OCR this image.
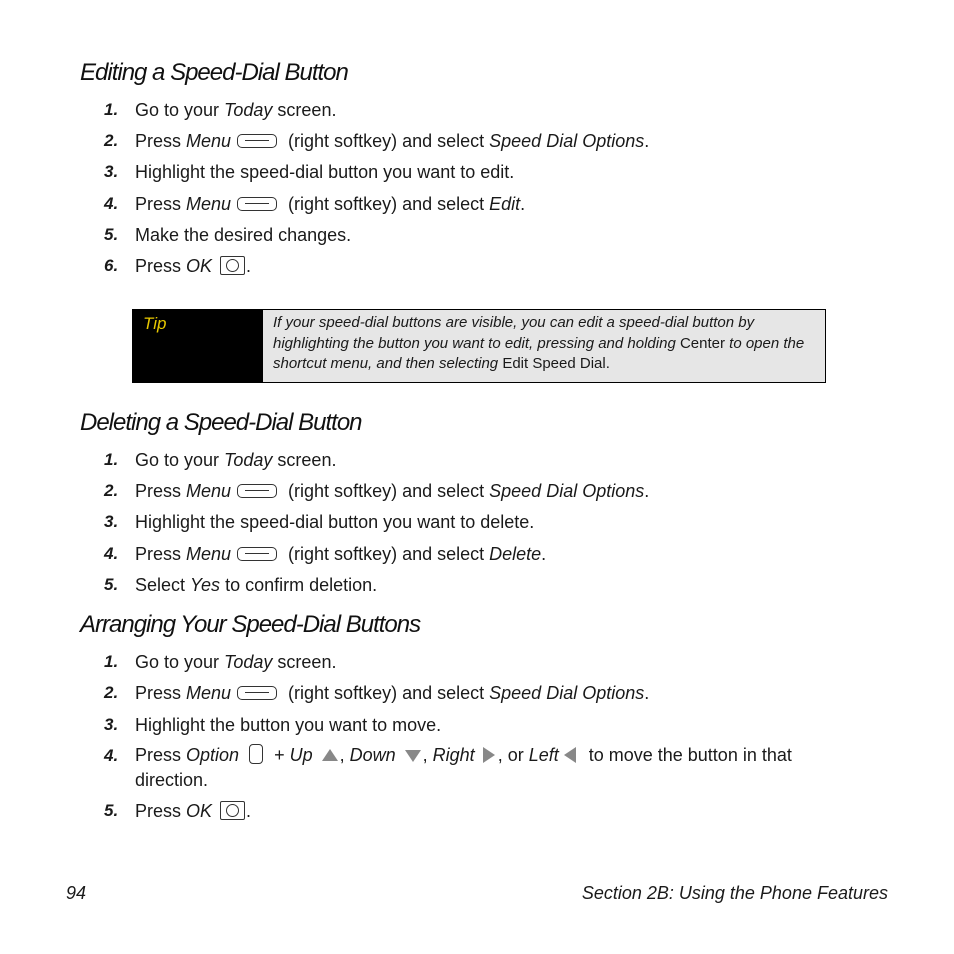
Editing a Speed-Dial Button
1. Go to your Today screen.
2. Press Menu	(right softkey) and select Speed Dial Options.
3. Highlight the speed-dial button you want to edit.
4. Press Menu	(right softkey) and select Edit.
5. Make the desired changes.
6. Press OK .
Tip	If your speed-dial buttons are visible, you can edit a speed-dial button by highlighting the button you want to edit, pressing and holding Center to open the shortcut menu, and then selecting Edit Speed Dial.
Deleting a Speed-Dial Button
1. Go to your Today screen.
2. Press Menu	(right softkey) and select Speed Dial Options.
3. Highlight the speed-dial button you want to delete.
4. Press Menu	(right softkey) and select Delete.
5. Select Yes to confirm deletion.
Arranging Your Speed-Dial Buttons
1. Go to your Today screen.
2. Press Menu	(right softkey) and select Speed Dial Options.
3. Highlight the button you want to move.
4. Press Option + Up , Down , Right , or Left to move the button in that direction.
5. Press OK .
94	Section 2B: Using the Phone Features
